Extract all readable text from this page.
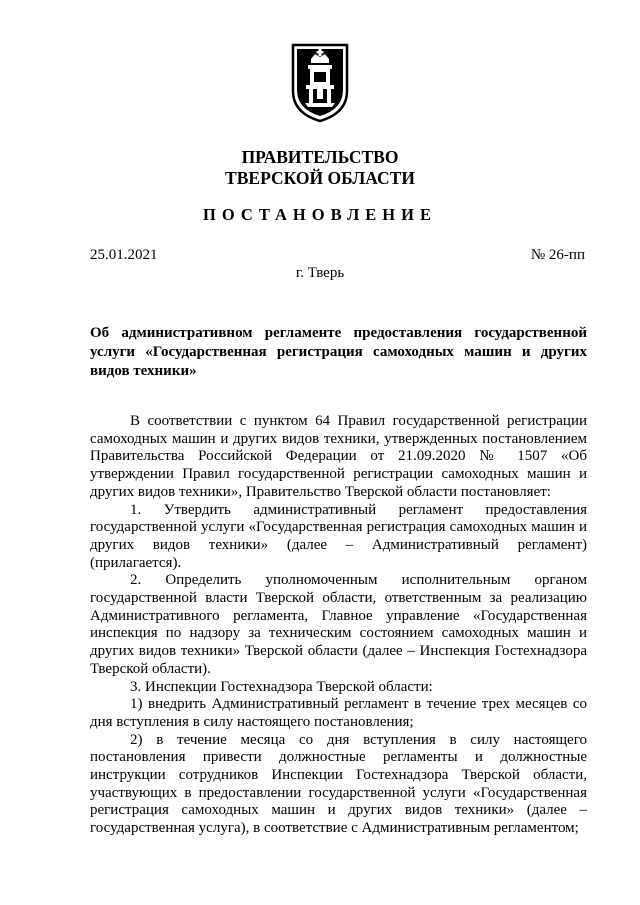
ПРАВИТЕЛЬСТВО
ТВЕРСКОЙ ОБЛАСТИ
ПОСТАНОВЛЕНИЕ
25.01.2021	№ 26-пп
г. Тверь
Об административном регламенте предоставления государственной услуги «Государственная регистрация самоходных машин и других видов техники»

В соответствии с пунктом 64 Правил государственной регистрации самоходных машин и других видов техники, утвержденных постановлением Правительства Российской Федерации от 21.09.2020 № 1507 «Об утверждении Правил государственной регистрации самоходных машин и других видов техники», Правительство Тверской области постановляет:

1. Утвердить административный регламент предоставления государственной услуги «Государственная регистрация самоходных машин и других видов техники» (далее – Административный регламент) (прилагается).

2. Определить уполномоченным исполнительным органом государственной власти Тверской области, ответственным за реализацию Административного регламента, Главное управление «Государственная инспекция по надзору за техническим состоянием самоходных машин и других видов техники» Тверской области (далее – Инспекция Гостехнадзора Тверской области).

3. Инспекции Гостехнадзора Тверской области:

1) внедрить Административный регламент в течение трех месяцев со дня вступления в силу настоящего постановления;

2) в течение месяца со дня вступления в силу настоящего постановления привести должностные регламенты и должностные инструкции сотрудников Инспекции Гостехнадзора Тверской области, участвующих в предоставлении государственной услуги «Государственная регистрация самоходных машин и других видов техники» (далее – государственная услуга), в соответствие с Административным регламентом;
